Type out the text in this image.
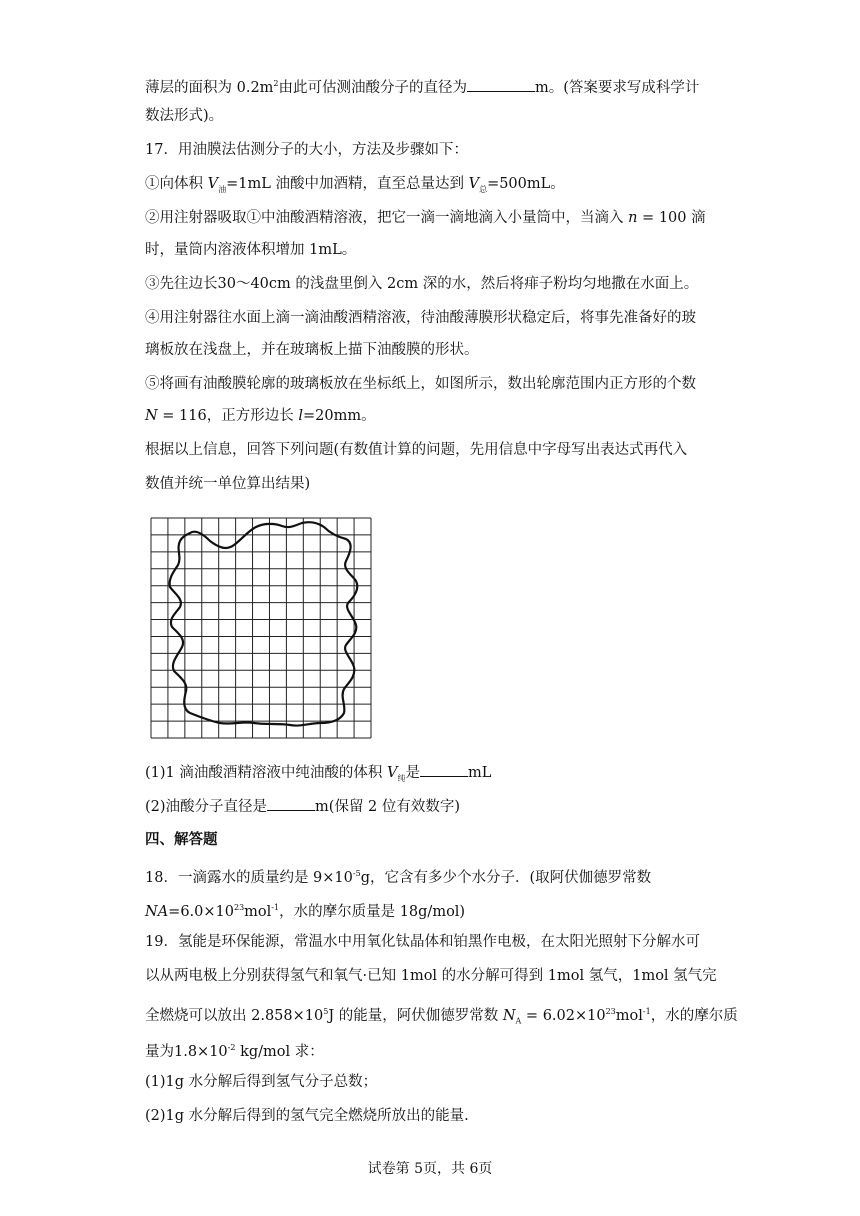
薄层的面积为 $0.2m^2$由此可估测油酸分子的直径为	m。(答案要求写成科学计
数法形式)。
17．用油膜法估测分子的大小，方法及步骤如下：
①向体积 $V_油=1mL$ 油酸中加酒精，直至总量达到 $V_总=500mL$。
②用注射器吸取①中油酸酒精溶液，把它一滴一滴地滴入小量筒中，当滴入 n = 100 滴
时，量筒内溶液体积增加 1mL。
③先往边长30～40cm 的浅盘里倒入 2cm 深的水，然后将痱子粉均匀地撒在水面上。
④用注射器往水面上滴一滴油酸酒精溶液，待油酸薄膜形状稳定后，将事先准备好的玻
璃板放在浅盘上，并在玻璃板上描下油酸膜的形状。
⑤将画有油酸膜轮廓的玻璃板放在坐标纸上，如图所示，数出轮廓范围内正方形的个数
N = 116，正方形边长 l=20mm。
根据以上信息，回答下列问题(有数值计算的问题，先用信息中字母写出表达式再代入
数值并统一单位算出结果)
(1)1 滴油酸酒精溶液中纯油酸的体积 $V_纯$是	mL
(2)油酸分子直径是	m(保留 2 位有效数字)
四、解答题
18．一滴露水的质量约是 $9\times 10^{-5}g$，它含有多少个水分子．(取阿伏伽德罗常数
$NA=6.0\times 10^{23}mol^{-1}$，水的摩尔质量是 18g/mol)
19．氢能是环保能源，常温水中用氧化钛晶体和铂黑作电极，在太阳光照射下分解水可
以从两电极上分别获得氢气和氧气·已知 1mol 的水分解可得到 1mol 氢气，1mol 氢气完
全燃烧可以放出 $2.858\times 10^5J$ 的能量，阿伏伽德罗常数 $N_A = 6.02\times 10^{23}mol^{-1}$，水的摩尔质
量为$1.8\times 10^{-2}$ kg/mol 求：
(1)1g 水分解后得到氢气分子总数；
(2)1g 水分解后得到的氢气完全燃烧所放出的能量.
试卷第 5页，共 6页
